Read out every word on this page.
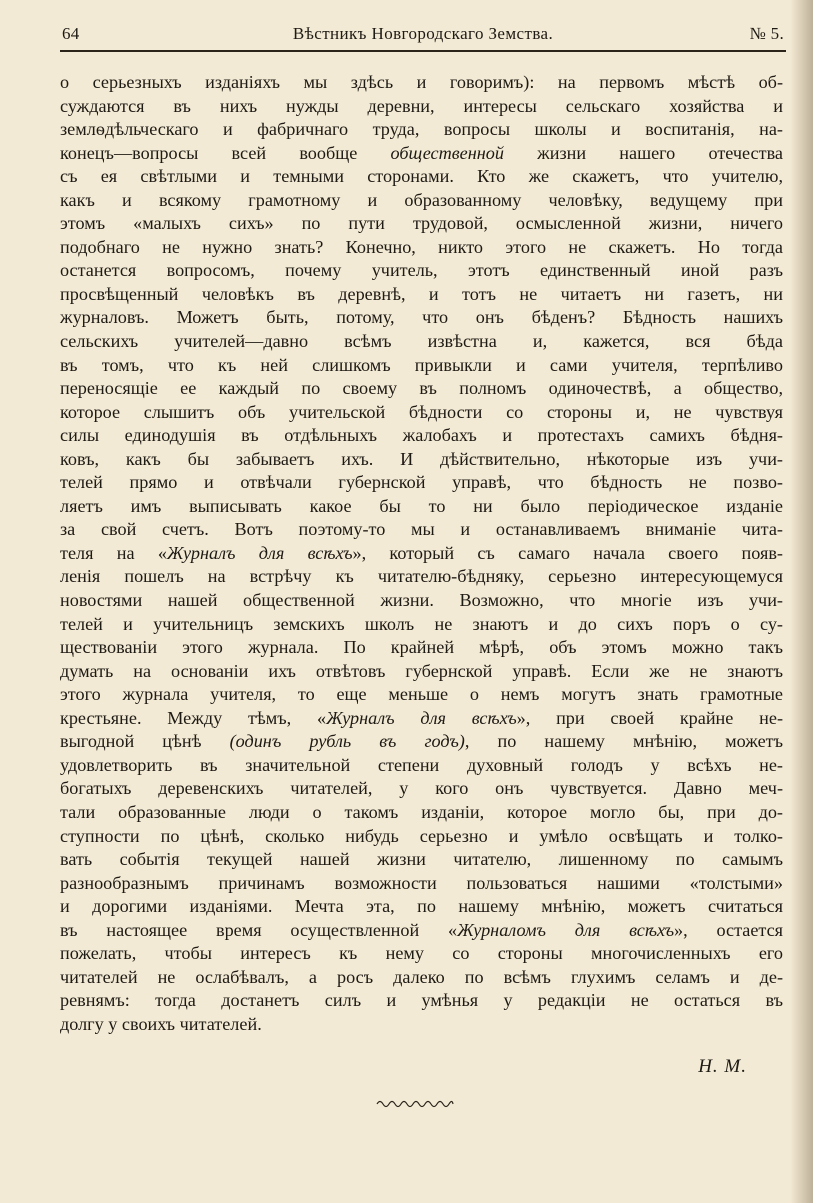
64	Вѣстникъ Новгородскаго Земства.	№ 5.
о серьезныхъ изданіяхъ мы здѣсь и говоримъ): на первомъ мѣстѣ об-
суждаются въ нихъ нужды деревни, интересы сельскаго хозяйства и
землѳдѣльческаго и фабричнаго труда, вопросы школы и воспитанія, на-
конецъ—вопросы всей вообще общественной жизни нашего отечества
съ ея свѣтлыми и темными сторонами. Кто же скажетъ, что учителю,
какъ и всякому грамотному и образованному человѣку, ведущему при
этомъ «малыхъ сихъ» по пути трудовой, осмысленной жизни, ничего
подобнаго не нужно знать? Конечно, никто этого не скажетъ. Но тогда
останется вопросомъ, почему учитель, этотъ единственный иной разъ
просвѣщенный человѣкъ въ деревнѣ, и тотъ не читаетъ ни газетъ, ни
журналовъ. Можетъ быть, потому, что онъ бѣденъ? Бѣдность нашихъ
сельскихъ учителей—давно всѣмъ извѣстна и, кажется, вся бѣда
въ томъ, что къ ней слишкомъ привыкли и сами учителя, терпѣливо
переносящіе ее каждый по своему въ полномъ одиночествѣ, а общество,
которое слышитъ объ учительской бѣдности со стороны и, не чувствуя
силы единодушія въ отдѣльныхъ жалобахъ и протестахъ самихъ бѣдня-
ковъ, какъ бы забываетъ ихъ. И дѣйствительно, нѣкоторые изъ учи-
телей прямо и отвѣчали губернской управѣ, что бѣдность не позво-
ляетъ имъ выписывать какое бы то ни было періодическое изданіе
за свой счетъ. Вотъ поэтому-то мы и останавливаемъ вниманіе чита-
теля на «Журналъ для всѣхъ», который съ самаго начала своего появ-
ленія пошелъ на встрѣчу къ читателю-бѣдняку, серьезно интересующемуся
новостями нашей общественной жизни. Возможно, что многіе изъ учи-
телей и учительницъ земскихъ школъ не знаютъ и до сихъ поръ о су-
ществованіи этого журнала. По крайней мѣрѣ, объ этомъ можно такъ
думать на основаніи ихъ отвѣтовъ губернской управѣ. Если же не знаютъ
этого журнала учителя, то еще меньше о немъ могутъ знать грамотные
крестьяне. Между тѣмъ, «Журналъ для всѣхъ», при своей крайне не-
выгодной цѣнѣ (одинъ рубль въ годъ), по нашему мнѣнію, можетъ
удовлетворить въ значительной степени духовный голодъ у всѣхъ не-
богатыхъ деревенскихъ читателей, у кого онъ чувствуется. Давно меч-
тали образованные люди о такомъ изданіи, которое могло бы, при до-
ступности по цѣнѣ, сколько нибудь серьезно и умѣло освѣщать и толко-
вать событія текущей нашей жизни читателю, лишенному по самымъ
разнообразнымъ причинамъ возможности пользоваться нашими «толстыми»
и дорогими изданіями. Мечта эта, по нашему мнѣнію, можетъ считаться
въ настоящее время осуществленной «Журналомъ для всѣхъ», остается
пожелать, чтобы интересъ къ нему со стороны многочисленныхъ его
читателей не ослабѣвалъ, а росъ далеко по всѣмъ глухимъ селамъ и де-
ревнямъ: тогда достанетъ силъ и умѣнья у редакціи не остаться въ
долгу у своихъ читателей.
Н. М.
